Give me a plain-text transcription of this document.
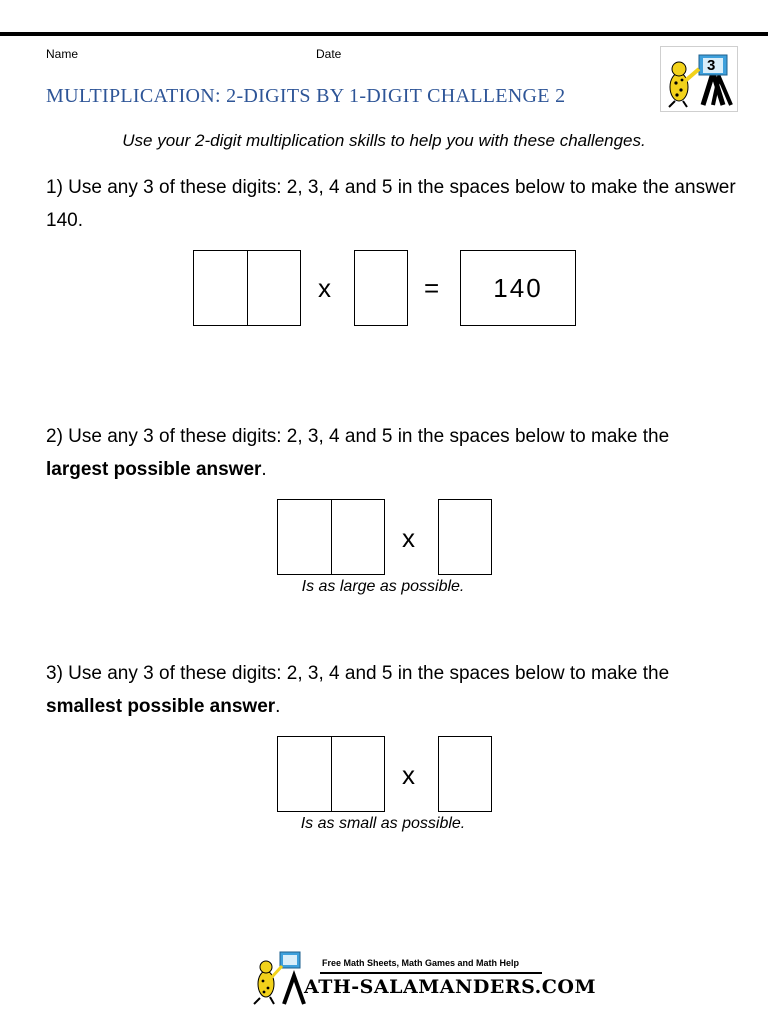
Name	Date
MULTIPLICATION: 2-DIGITS BY 1-DIGIT CHALLENGE 2
3
Use your 2-digit multiplication skills to help you with these challenges.
1) Use any 3 of these digits: 2, 3, 4 and 5 in the spaces below to make the answer 140.
x	=	140
2) Use any 3 of these digits: 2, 3, 4 and 5 in the spaces below to make the largest possible answer.
x
Is as large as possible.
3) Use any 3 of these digits: 2, 3, 4 and 5 in the spaces below to make the smallest possible answer.
x
Is as small as possible.
Free Math Sheets, Math Games and Math Help
ATH-SALAMANDERS.COM
